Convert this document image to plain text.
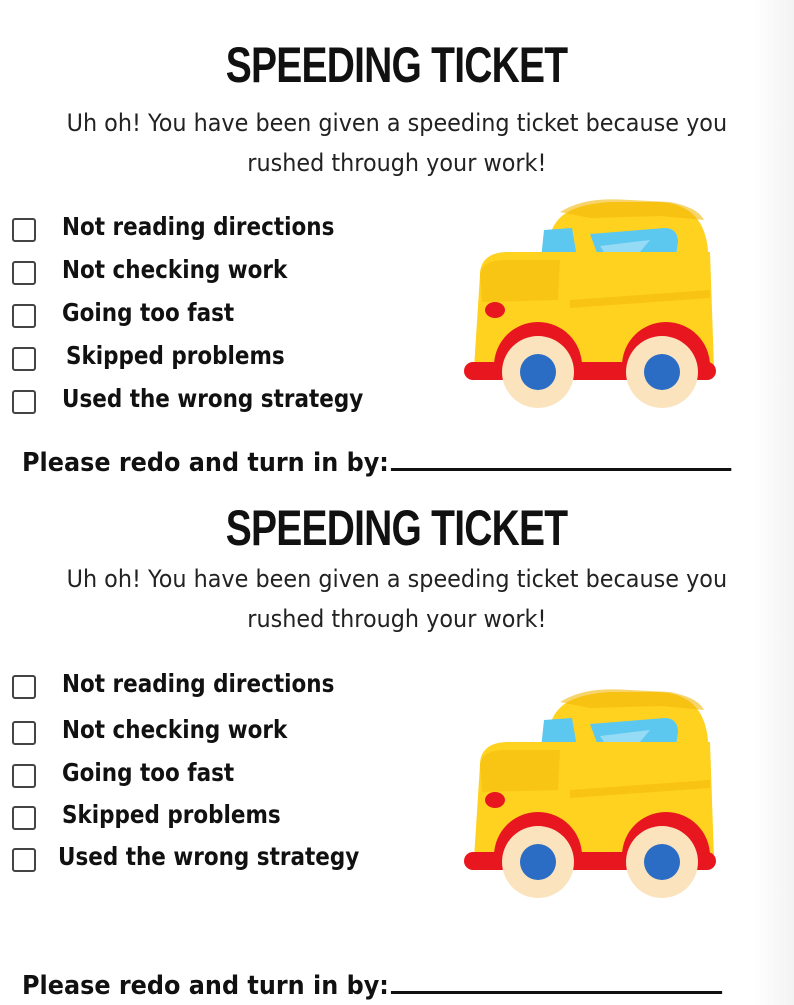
SPEEDING TICKET
Uh oh! You have been given a speeding ticket because you
rushed through your work!
Not reading directions
Not checking work
Going too fast
Skipped problems
Used the wrong strategy
Please redo and turn in by:
SPEEDING TICKET
Uh oh! You have been given a speeding ticket because you
rushed through your work!
Not reading directions
Not checking work
Going too fast
Skipped problems
Used the wrong strategy
Please redo and turn in by:
